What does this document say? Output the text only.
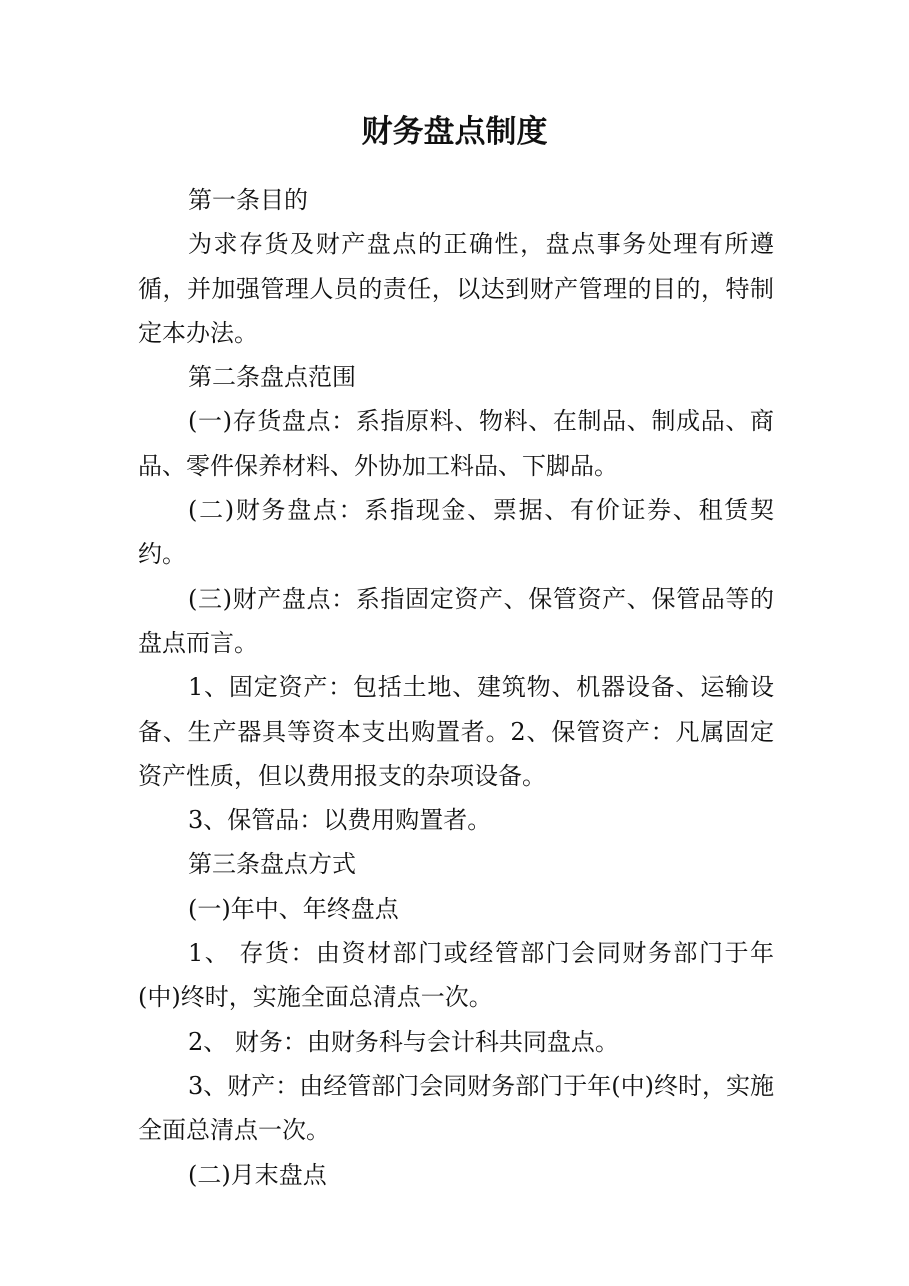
财务盘点制度

第一条目的

为求存货及财产盘点的正确性，盘点事务处理有所遵循，并加强管理人员的责任，以达到财产管理的目的，特制定本办法。

第二条盘点范围

(一)存货盘点：系指原料、物料、在制品、制成品、商品、零件保养材料、外协加工料品、下脚品。

(二)财务盘点：系指现金、票据、有价证券、租赁契约。

(三)财产盘点：系指固定资产、保管资产、保管品等的盘点而言。

1、固定资产：包括土地、建筑物、机器设备、运输设备、生产器具等资本支出购置者。2、保管资产：凡属固定资产性质，但以费用报支的杂项设备。

3、保管品：以费用购置者。

第三条盘点方式

(一)年中、年终盘点

1、 存货：由资材部门或经管部门会同财务部门于年(中)终时，实施全面总清点一次。

2、 财务：由财务科与会计科共同盘点。

3、财产：由经管部门会同财务部门于年(中)终时，实施全面总清点一次。

(二)月末盘点
